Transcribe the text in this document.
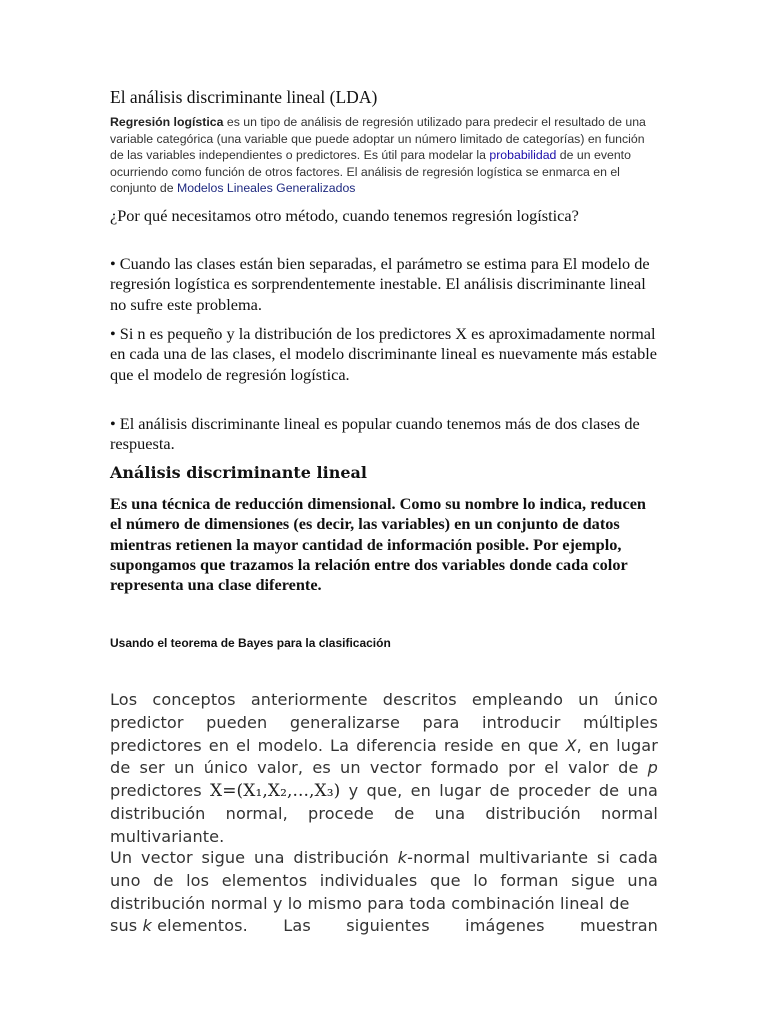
El análisis discriminante lineal (LDA)
Regresión logística es un tipo de análisis de regresión utilizado para predecir el resultado de una variable categórica (una variable que puede adoptar un número limitado de categorías) en función de las variables independientes o predictores. Es útil para modelar la probabilidad de un evento ocurriendo como función de otros factores. El análisis de regresión logística se enmarca en el conjunto de Modelos Lineales Generalizados
¿Por qué necesitamos otro método, cuando tenemos regresión logística?
• Cuando las clases están bien separadas, el parámetro se estima para El modelo de regresión logística es sorprendentemente inestable. El análisis discriminante lineal no sufre este problema.
• Si n es pequeño y la distribución de los predictores X es aproximadamente normal en cada una de las clases, el modelo discriminante lineal es nuevamente más estable que el modelo de regresión logística.
• El análisis discriminante lineal es popular cuando tenemos más de dos clases de respuesta.
Análisis discriminante lineal
Es una técnica de reducción dimensional. Como su nombre lo indica, reducen el número de dimensiones (es decir, las variables) en un conjunto de datos mientras retienen la mayor cantidad de información posible. Por ejemplo, supongamos que trazamos la relación entre dos variables donde cada color representa una clase diferente.
Usando el teorema de Bayes para la clasificación
Los conceptos anteriormente descritos empleando un único predictor pueden generalizarse para introducir múltiples predictores en el modelo. La diferencia reside en que X, en lugar de ser un único valor, es un vector formado por el valor de p predictores X=(X₁,X₂,...,X₃) y que, en lugar de proceder de una distribución normal, procede de una distribución normal multivariante.
Un vector sigue una distribución k-normal multivariante si cada uno de los elementos individuales que lo forman sigue una distribución normal y lo mismo para toda combinación lineal de
sus k elementos. Las siguientes imágenes muestran
